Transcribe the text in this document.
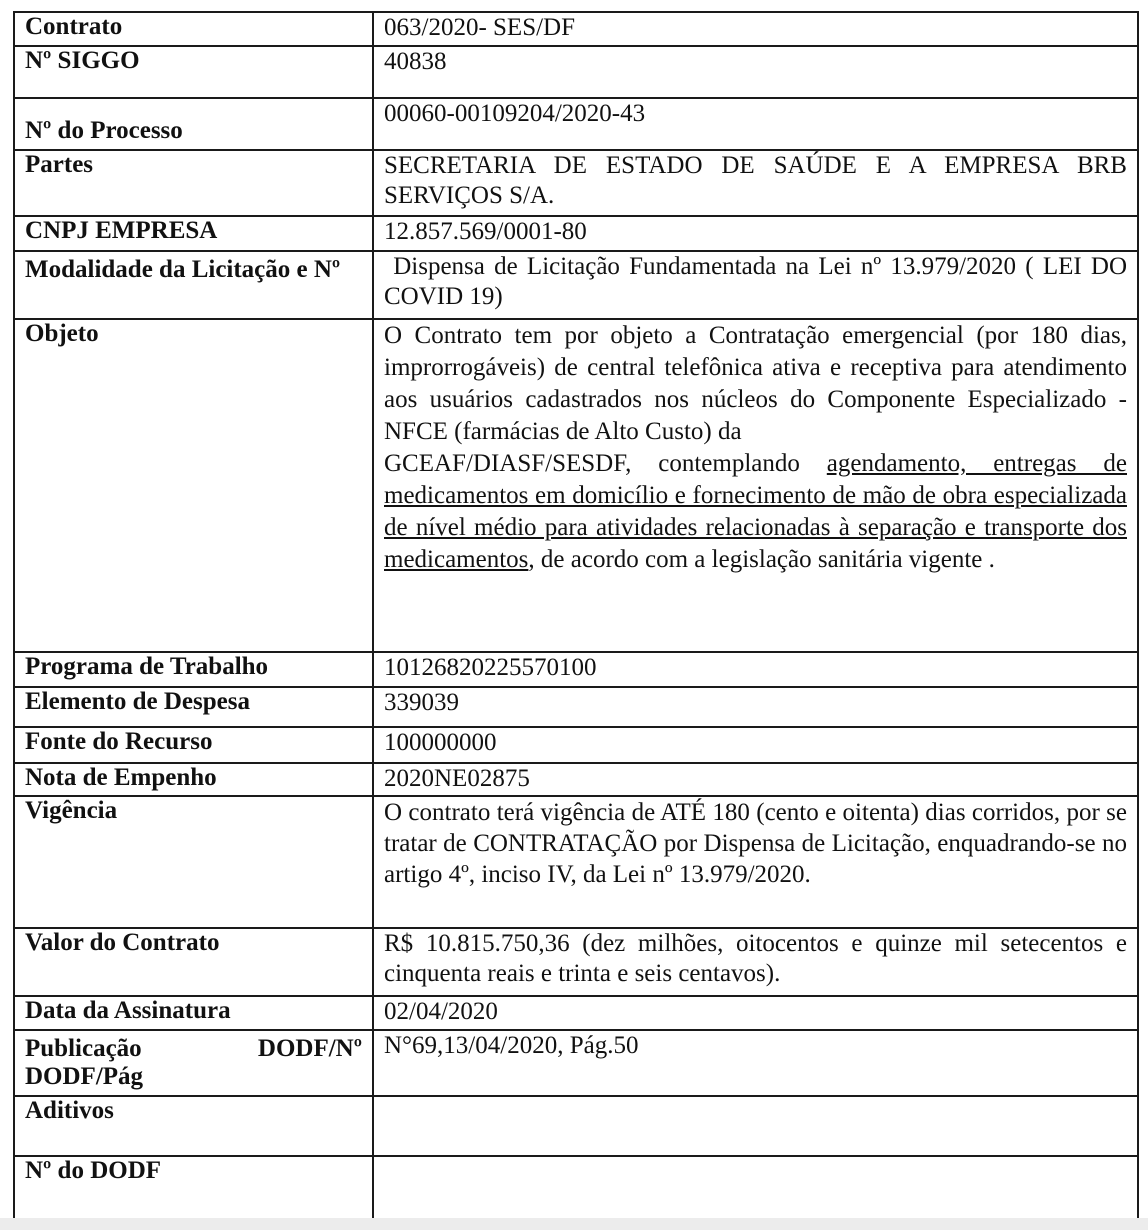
Contrato	063/2020- SES/DF
Nº SIGGO	40838
Nº do Processo	00060-00109204/2020-43
Partes	SECRETARIA DE ESTADO DE SAÚDE E A EMPRESA BRB SERVIÇOS S/A.
CNPJ EMPRESA	12.857.569/0001-80
Modalidade da Licitação e Nº	Dispensa de Licitação Fundamentada na Lei nº 13.979/2020 ( LEI DO COVID 19)
Objeto	O Contrato tem por objeto a Contratação emergencial (por 180 dias, improrrogáveis) de central telefônica ativa e receptiva para atendimento aos usuários cadastrados nos núcleos do Componente Especializado - NFCE (farmácias de Alto Custo) da
GCEAF/DIASF/SESDF, contemplando agendamento, entregas de medicamentos em domicílio e fornecimento de mão de obra especializada de nível médio para atividades relacionadas à separação e transporte dos medicamentos, de acordo com a legislação sanitária vigente .

Programa de Trabalho	10126820225570100
Elemento de Despesa	339039
Fonte do Recurso	100000000
Nota de Empenho	2020NE02875
Vigência	O contrato terá vigência de ATÉ 180 (cento e oitenta) dias corridos, por se tratar de CONTRATAÇÃO por Dispensa de Licitação, enquadrando-se no artigo 4º, inciso IV, da Lei nº 13.979/2020.
Valor do Contrato	R$ 10.815.750,36 (dez milhões, oitocentos e quinze mil setecentos e cinquenta reais e trinta e seis centavos).
Data da Assinatura	02/04/2020
Publicação DODF/Nº DODF/Pág	N°69,13/04/2020, Pág.50
Aditivos	
Nº do DODF	
